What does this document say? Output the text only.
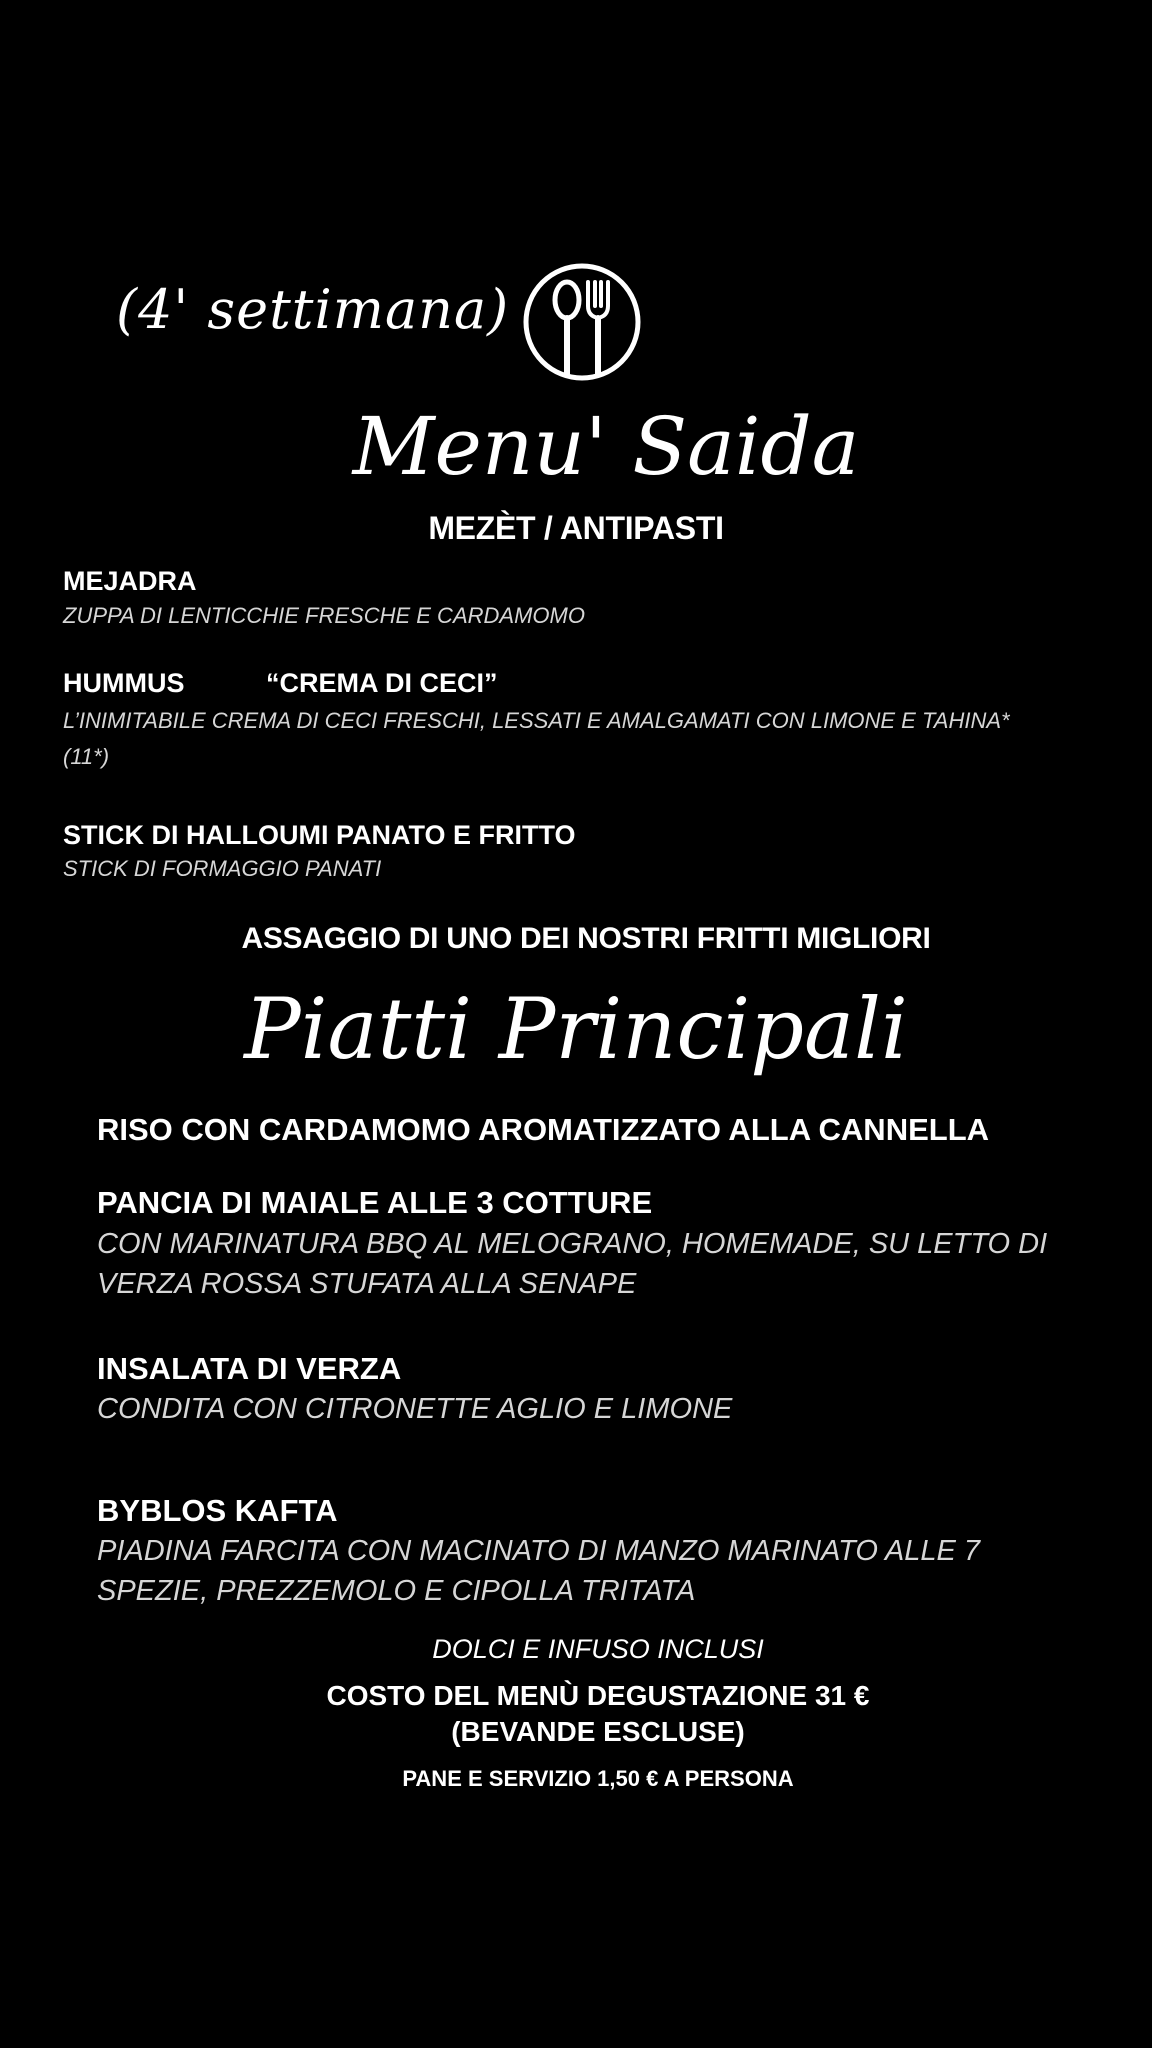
(4' settimana)
Menu' Saida
MEZÈT / ANTIPASTI
MEJADRA
ZUPPA DI LENTICCHIE FRESCHE E CARDAMOMO
HUMMUS	“CREMA DI CECI”
L’INIMITABILE CREMA DI CECI FRESCHI, LESSATI E AMALGAMATI CON LIMONE E TAHINA*
(11*)
STICK DI HALLOUMI PANATO E FRITTO
STICK DI FORMAGGIO PANATI
ASSAGGIO DI UNO DEI NOSTRI FRITTI MIGLIORI
Piatti Principali
RISO CON CARDAMOMO AROMATIZZATO ALLA CANNELLA
PANCIA DI MAIALE ALLE 3 COTTURE
CON MARINATURA BBQ AL MELOGRANO, HOMEMADE, SU LETTO DI
VERZA ROSSA STUFATA ALLA SENAPE
INSALATA DI VERZA
CONDITA CON CITRONETTE AGLIO E LIMONE
BYBLOS KAFTA
PIADINA FARCITA CON MACINATO DI MANZO MARINATO ALLE 7
SPEZIE, PREZZEMOLO E CIPOLLA TRITATA
DOLCI E INFUSO INCLUSI
COSTO DEL MENÙ DEGUSTAZIONE 31 €
(BEVANDE ESCLUSE)
PANE E SERVIZIO 1,50 € A PERSONA
